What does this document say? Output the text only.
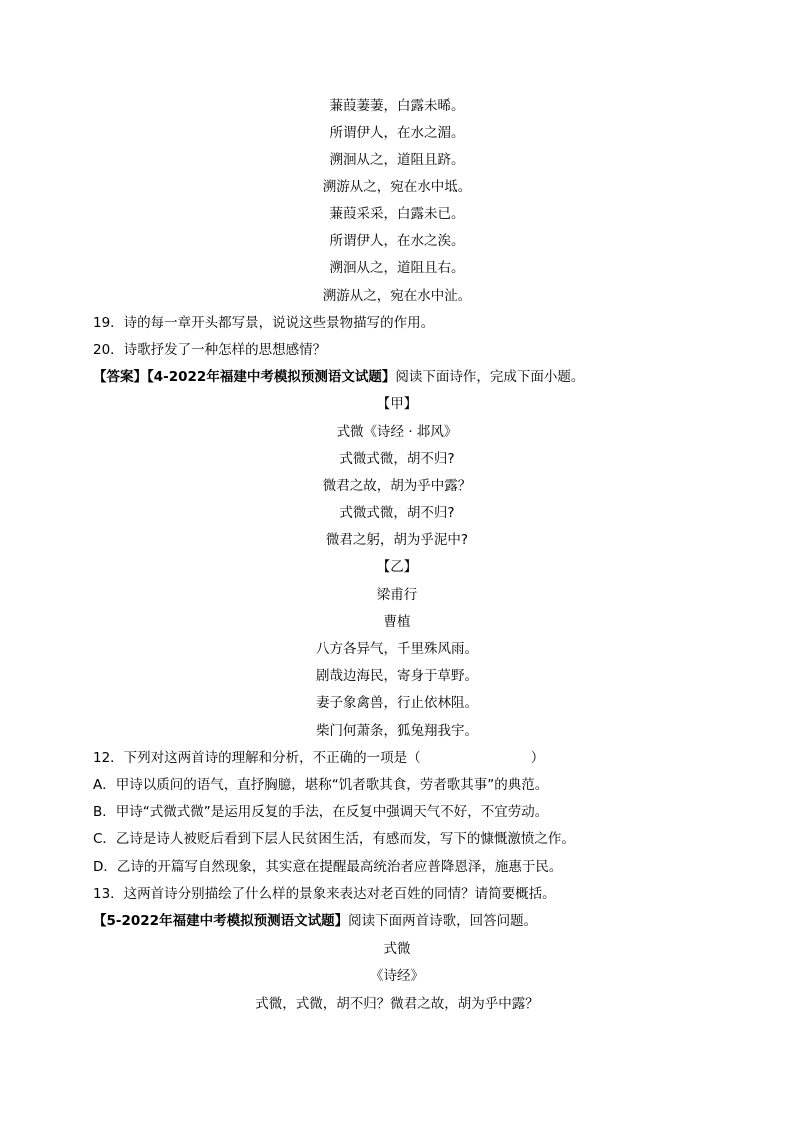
蒹葭萋萋，白露未晞。
所谓伊人，在水之湄。
溯洄从之，道阻且跻。
溯游从之，宛在水中坻。
蒹葭采采，白露未已。
所谓伊人，在水之涘。
溯洄从之，道阻且右。
溯游从之，宛在水中沚。
19．诗的每一章开头都写景，说说这些景物描写的作用。
20．诗歌抒发了一种怎样的思想感情？
【答案】【4-2022年福建中考模拟预测语文试题】阅读下面诗作，完成下面小题。
【甲】
式微《诗经 · 邶风》
式微式微，胡不归?
微君之故，胡为乎中露？
式微式微，胡不归?
微君之躬，胡为乎泥中?
【乙】
梁甫行
曹植
八方各异气，千里殊风雨。
剧哉边海民，寄身于草野。
妻子象禽兽，行止依林阻。
柴门何萧条，狐兔翔我宇。
12．下列对这两首诗的理解和分析，不正确的一项是（	）
A．甲诗以质问的语气，直抒胸臆，堪称“饥者歌其食，劳者歌其事”的典范。
B．甲诗“式微式微”是运用反复的手法，在反复中强调天气不好，不宜劳动。
C．乙诗是诗人被贬后看到下层人民贫困生活，有感而发，写下的慷慨激愤之作。
D．乙诗的开篇写自然现象，其实意在提醒最高统治者应普降恩泽，施惠于民。
13．这两首诗分别描绘了什么样的景象来表达对老百姓的同情？请简要概括。
【5-2022年福建中考模拟预测语文试题】阅读下面两首诗歌，回答问题。
式微
《诗经》
式微，式微，胡不归？微君之故，胡为乎中露？
